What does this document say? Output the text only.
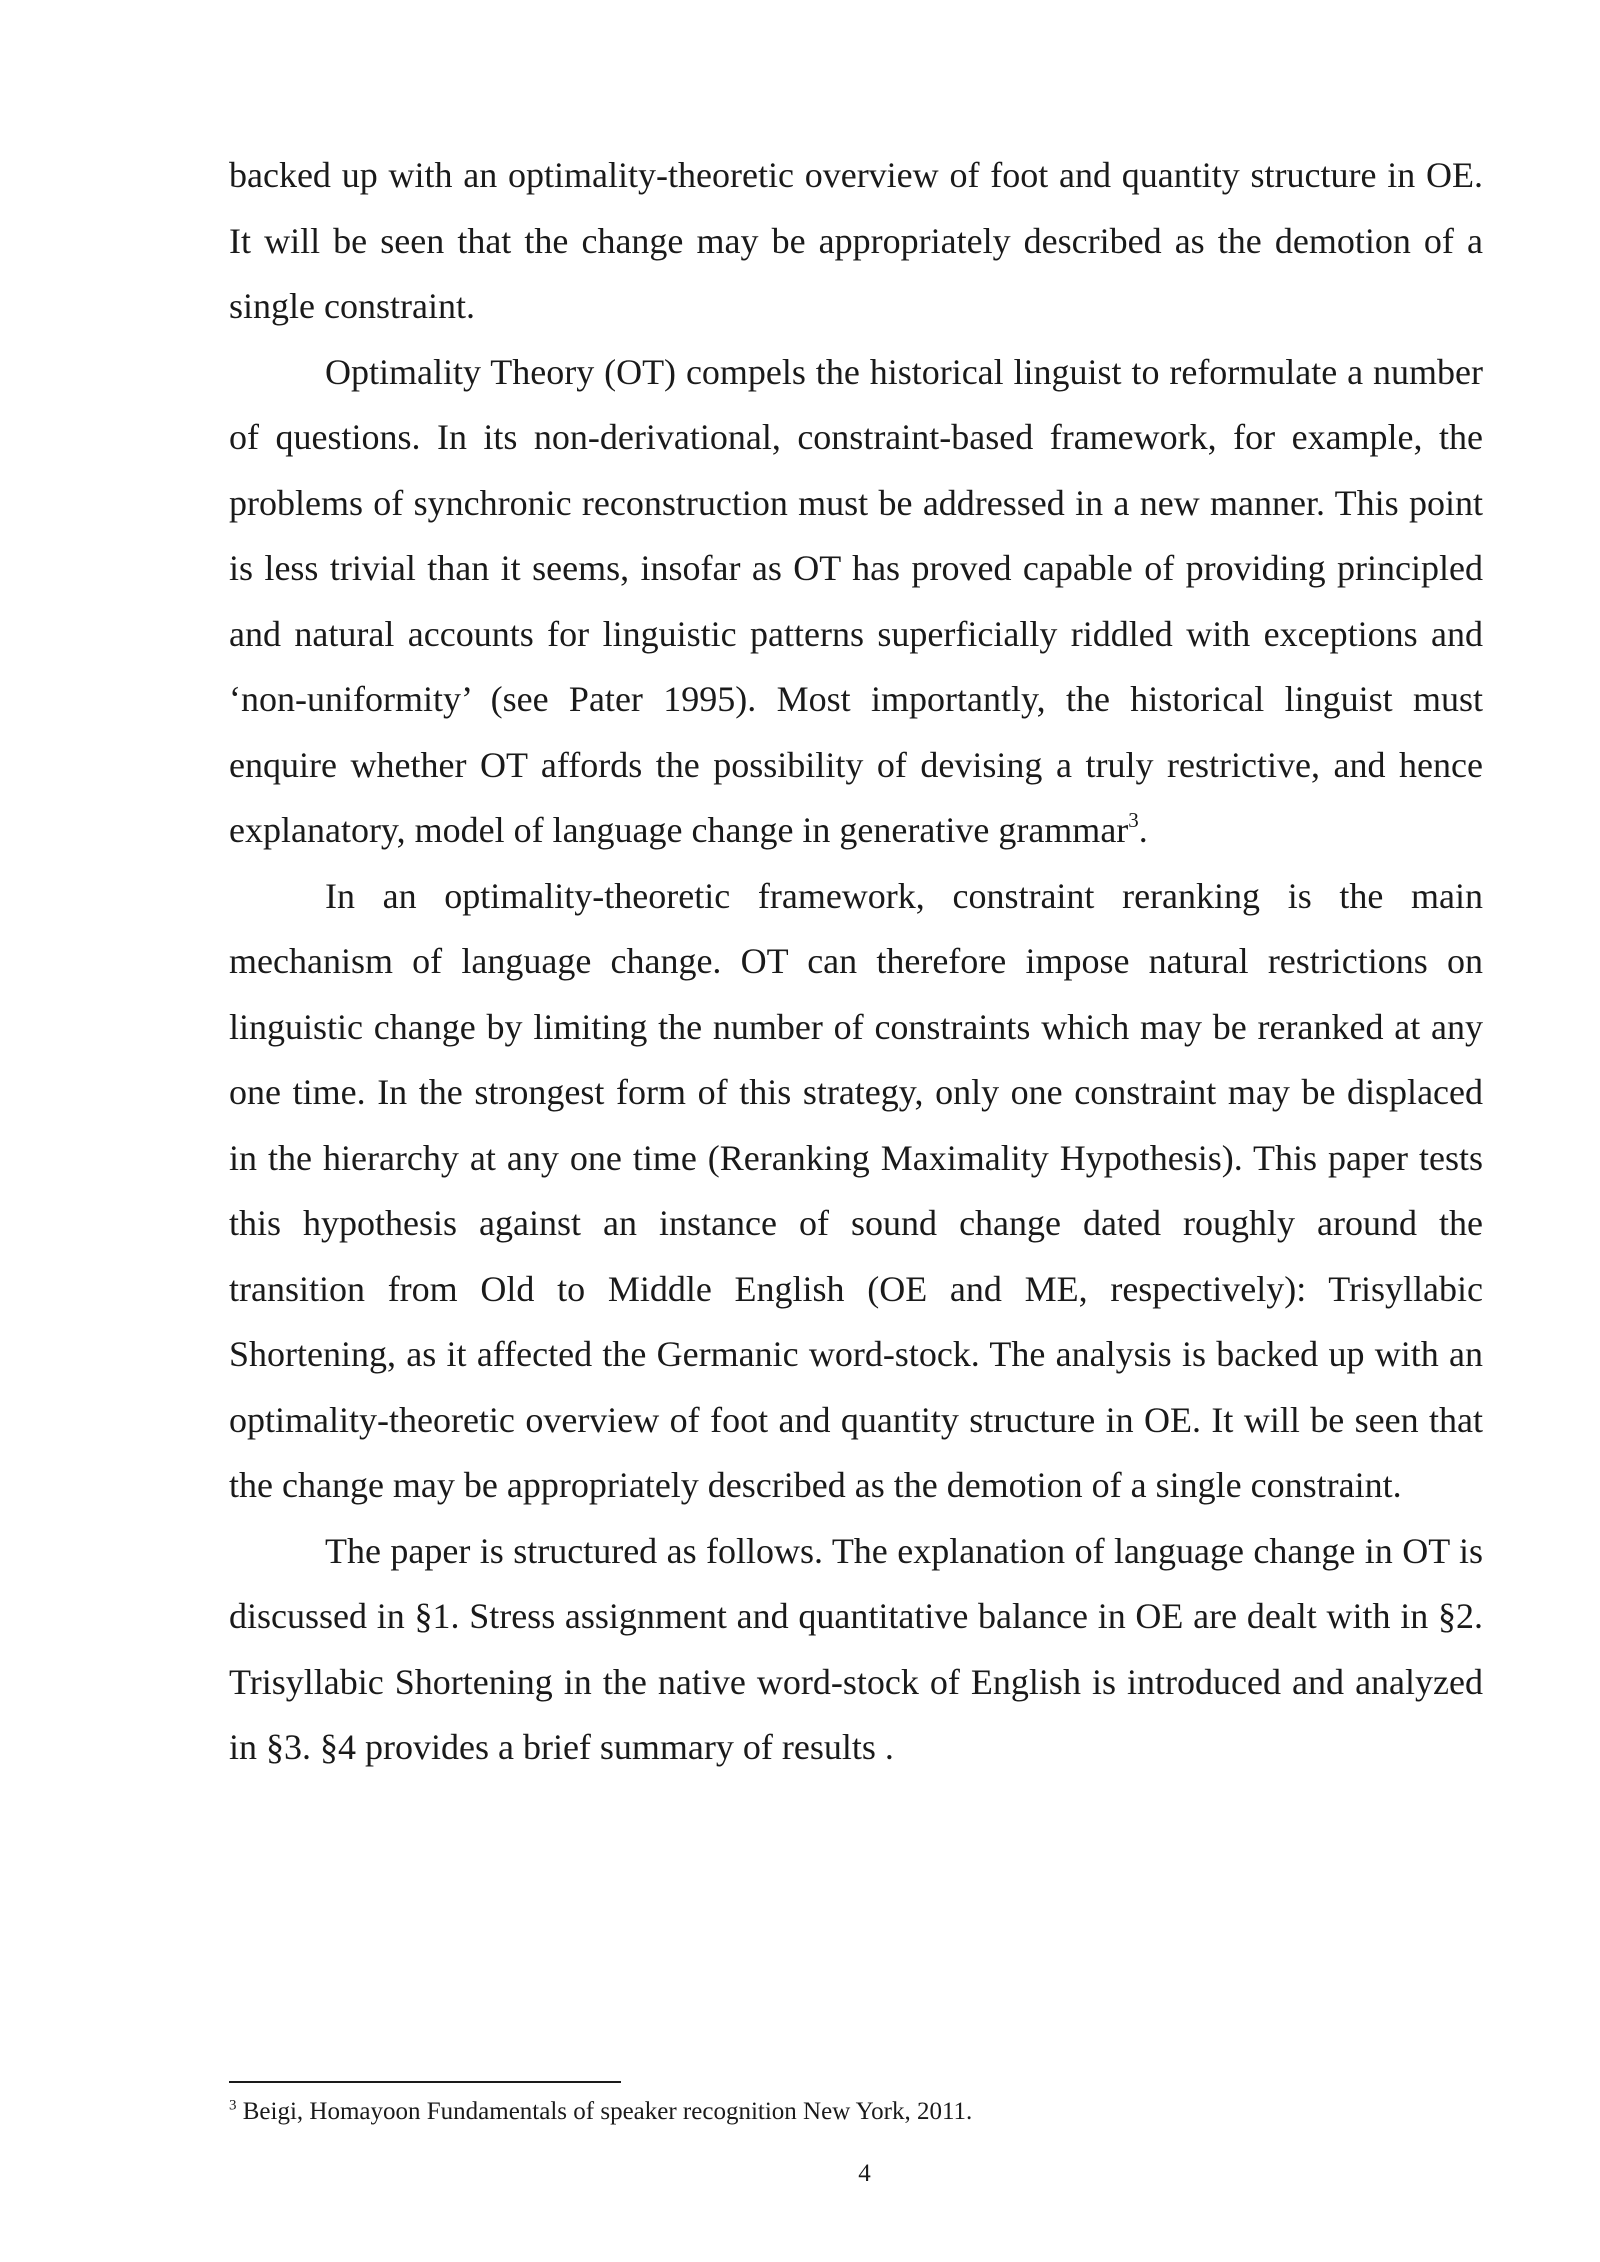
backed up with an optimality-theoretic overview of foot and quantity structure in OE. It will be seen that the change may be appropriately described as the demotion of a single constraint.

Optimality Theory (OT) compels the historical linguist to reformulate a number of questions. In its non-derivational, constraint-based framework, for example, the problems of synchronic reconstruction must be addressed in a new manner. This point is less trivial than it seems, insofar as OT has proved capable of providing principled and natural accounts for linguistic patterns superficially riddled with exceptions and ‘non-uniformity’ (see Pater 1995). Most importantly, the historical linguist must enquire whether OT affords the possibility of devising a truly restrictive, and hence explanatory, model of language change in generative grammar$^3$.

In an optimality-theoretic framework, constraint reranking is the main mechanism of language change. OT can therefore impose natural restrictions on linguistic change by limiting the number of constraints which may be reranked at any one time. In the strongest form of this strategy, only one constraint may be displaced in the hierarchy at any one time (Reranking Maximality Hypothesis). This paper tests this hypothesis against an instance of sound change dated roughly around the transition from Old to Middle English (OE and ME, respectively): Trisyllabic Shortening, as it affected the Germanic word-stock. The analysis is backed up with an optimality-theoretic overview of foot and quantity structure in OE. It will be seen that the change may be appropriately described as the demotion of a single constraint.

The paper is structured as follows. The explanation of language change in OT is discussed in §1. Stress assignment and quantitative balance in OE are dealt with in §2. Trisyllabic Shortening in the native word-stock of English is introduced and analyzed in §3. §4 provides a brief summary of results .

$^3$ Beigi, Homayoon Fundamentals of speaker recognition New York, 2011.
4
